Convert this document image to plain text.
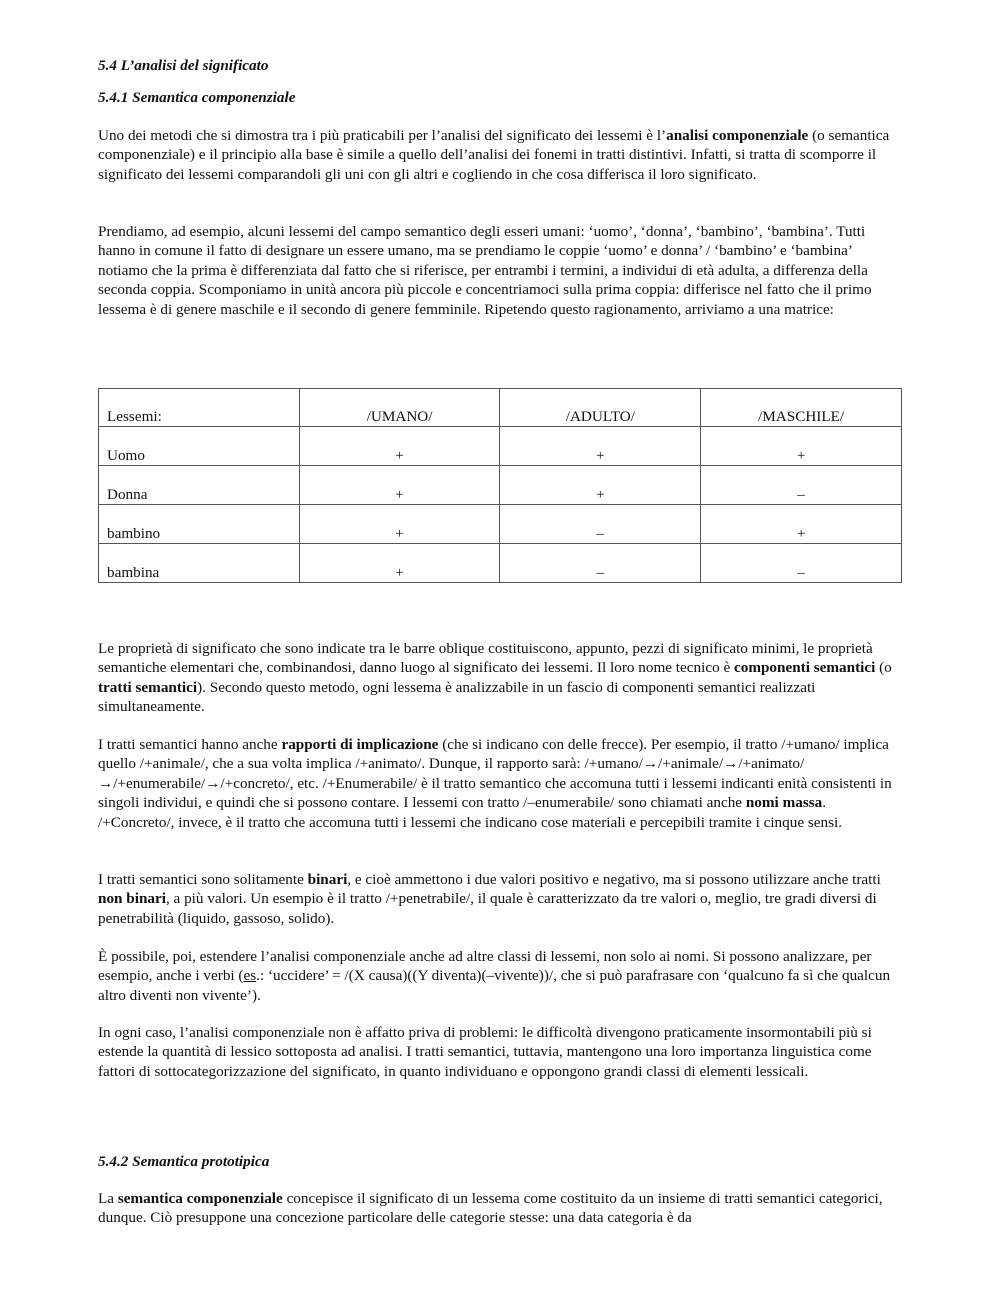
5.4 L’analisi del significato
5.4.1 Semantica componenziale

Uno dei metodi che si dimostra tra i più praticabili per l’analisi del significato dei lessemi è l’analisi componenziale (o semantica componenziale) e il principio alla base è simile a quello dell’analisi dei fonemi in tratti distintivi. Infatti, si tratta di scomporre il significato dei lessemi comparandoli gli uni con gli altri e cogliendo in che cosa differisca il loro significato.

Prendiamo, ad esempio, alcuni lessemi del campo semantico degli esseri umani: ‘uomo’, ‘donna’, ‘bambino’, ‘bambina’. Tutti hanno in comune il fatto di designare un essere umano, ma se prendiamo le coppie ‘uomo’ e donna’ / ‘bambino’ e ‘bambina’ notiamo che la prima è differenziata dal fatto che si riferisce, per entrambi i termini, a individui di età adulta, a differenza della seconda coppia. Scomponiamo in unità ancora più piccole e concentriamoci sulla prima coppia: differisce nel fatto che il primo lessema è di genere maschile e il secondo di genere femminile. Ripetendo questo ragionamento, arriviamo a una matrice:

Lessemi:	/UMANO/	/ADULTO/	/MASCHILE/
Uomo	+	+	+
Donna	+	+	–
bambino	+	–	+
bambina	+	–	–

Le proprietà di significato che sono indicate tra le barre oblique costituiscono, appunto, pezzi di significato minimi, le proprietà semantiche elementari che, combinandosi, danno luogo al significato dei lessemi. Il loro nome tecnico è componenti semantici (o tratti semantici). Secondo questo metodo, ogni lessema è analizzabile in un fascio di componenti semantici realizzati simultaneamente.

I tratti semantici hanno anche rapporti di implicazione (che si indicano con delle frecce). Per esempio, il tratto /+umano/ implica quello /+animale/, che a sua volta implica /+animato/. Dunque, il rapporto sarà: /+umano/→/+animale/→/+animato/→/+enumerabile/→/+concreto/, etc. /+Enumerabile/ è il tratto semantico che accomuna tutti i lessemi indicanti enità consistenti in singoli individui, e quindi che si possono contare. I lessemi con tratto /–enumerabile/ sono chiamati anche nomi massa. /+Concreto/, invece, è il tratto che accomuna tutti i lessemi che indicano cose materiali e percepibili tramite i cinque sensi.

I tratti semantici sono solitamente binari, e cioè ammettono i due valori positivo e negativo, ma si possono utilizzare anche tratti non binari, a più valori. Un esempio è il tratto /+penetrabile/, il quale è caratterizzato da tre valori o, meglio, tre gradi diversi di penetrabilità (liquido, gassoso, solido).

È possibile, poi, estendere l’analisi componenziale anche ad altre classi di lessemi, non solo ai nomi. Si possono analizzare, per esempio, anche i verbi (es.: ‘uccidere’ = /(X causa)((Y diventa)(–vivente))/, che si può parafrasare con ‘qualcuno fa sì che qualcun altro diventi non vivente’).

In ogni caso, l’analisi componenziale non è affatto priva di problemi: le difficoltà divengono praticamente insormontabili più si estende la quantità di lessico sottoposta ad analisi. I tratti semantici, tuttavia, mantengono una loro importanza linguistica come fattori di sottocategorizzazione del significato, in quanto individuano e oppongono grandi classi di elementi lessicali.

5.4.2 Semantica prototipica

La semantica componenziale concepisce il significato di un lessema come costituito da un insieme di tratti semantici categorici, dunque. Ciò presuppone una concezione particolare delle categorie stesse: una data categoria è da
